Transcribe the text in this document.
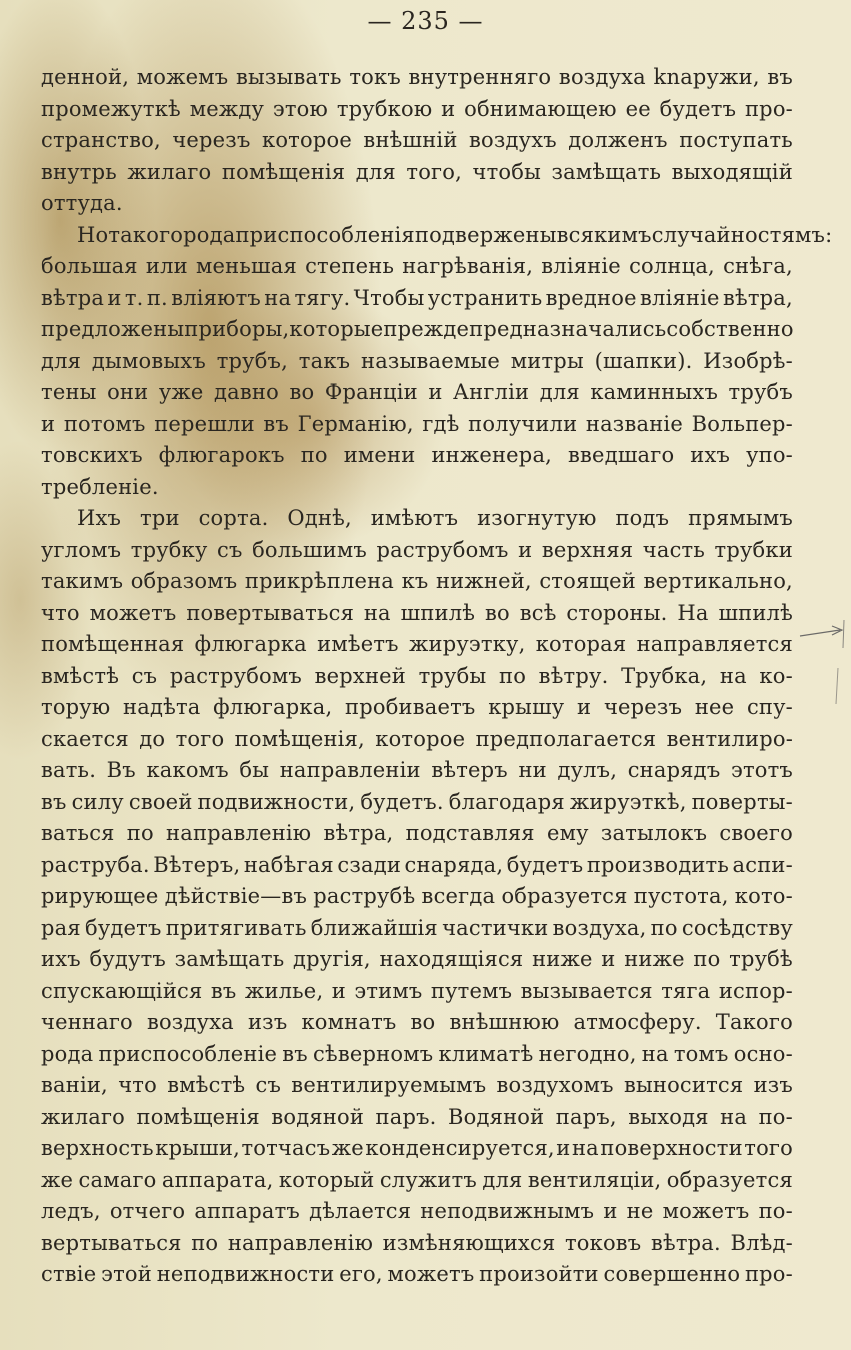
— 235 —
денной, можемъ вызывать токъ внутренняго воздуха knаружи, въ
промежуткѣ между этою трубкою и обнимающею ее будетъ про-
странство, черезъ которое внѣшній воздухъ долженъ поступать
внутрь жилаго помѣщенія для того, чтобы замѣщать выходящій
оттуда.
Но такого рода приспособленія подвержены всякимъ случайностямъ:
большая или меньшая степень нагрѣванія, вліяніе солнца, снѣга,
вѣтра и т. п. вліяютъ на тягу. Чтобы устранить вредное вліяніе вѣтра,
предложены приборы, которые прежде предназначались собственно
для дымовыхъ трубъ, такъ называемые митры (шапки). Изобрѣ-
тены они уже давно во Франціи и Англіи для каминныхъ трубъ
и потомъ перешли въ Германію, гдѣ получили названіе Вольпер-
товскихъ флюгарокъ по имени инженера, введшаго ихъ упо-
требленіе.
Ихъ три сорта. Однѣ, имѣютъ изогнутую подъ прямымъ
угломъ трубку съ большимъ раструбомъ и верхняя часть трубки
такимъ образомъ прикрѣплена къ нижней, стоящей вертикально,
что можетъ повертываться на шпилѣ во всѣ стороны. На шпилѣ
помѣщенная флюгарка имѣетъ жируэтку, которая направляется
вмѣстѣ съ раструбомъ верхней трубы по вѣтру. Трубка, на ко-
торую надѣта флюгарка, пробиваетъ крышу и черезъ нее спу-
скается до того помѣщенія, которое предполагается вентилиро-
вать. Въ какомъ бы направленіи вѣтеръ ни дулъ, снарядъ этотъ
въ силу своей подвижности, будетъ. благодаря жируэткѣ, поверты-
ваться по направленію вѣтра, подставляя ему затылокъ своего
раструба. Вѣтеръ, набѣгая сзади снаряда, будетъ производить аспи-
рирующее дѣйствіе—въ раструбѣ всегда образуется пустота, кото-
рая будетъ притягивать ближайшія частички воздуха, по сосѣдству
ихъ будутъ замѣщать другія, находящіяся ниже и ниже по трубѣ
спускающійся въ жилье, и этимъ путемъ вызывается тяга испор-
ченнаго воздуха изъ комнатъ во внѣшнюю атмосферу. Такого
рода приспособленіе въ сѣверномъ климатѣ негодно, на томъ осно-
ваніи, что вмѣстѣ съ вентилируемымъ воздухомъ выносится изъ
жилаго помѣщенія водяной паръ. Водяной паръ, выходя на по-
верхность крыши, тотчасъ же конденсируется, и на поверхности того
же самаго аппарата, который служитъ для вентиляціи, образуется
ледъ, отчего аппаратъ дѣлается неподвижнымъ и не можетъ по-
вертываться по направленію измѣняющихся токовъ вѣтра. Влѣд-
ствіе этой неподвижности его, можетъ произойти совершенно про-
